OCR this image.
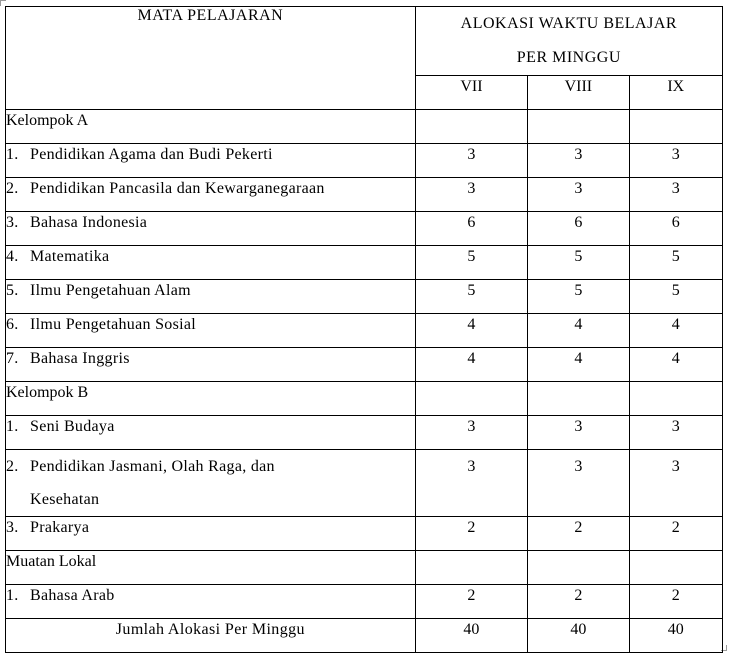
MATA PELAJARAN	ALOKASI WAKTU BELAJAR
PER MINGGU		
	VII	VIII	IX
Kelompok A			
1. Pendidikan Agama dan Budi Pekerti	3	3	3
2. Pendidikan Pancasila dan Kewarganegaraan	3	3	3
3. Bahasa Indonesia	6	6	6
4. Matematika	5	5	5
5. Ilmu Pengetahuan Alam	5	5	5
6. Ilmu Pengetahuan Sosial	4	4	4
7. Bahasa Inggris	4	4	4
Kelompok B			
1. Seni Budaya	3	3	3
2. Pendidikan Jasmani, Olah Raga, dan
Kesehatan	3	3	3
3. Prakarya	2	2	2
Muatan Lokal			
1. Bahasa Arab	2	2	2
Jumlah Alokasi Per Minggu	40	40	40
